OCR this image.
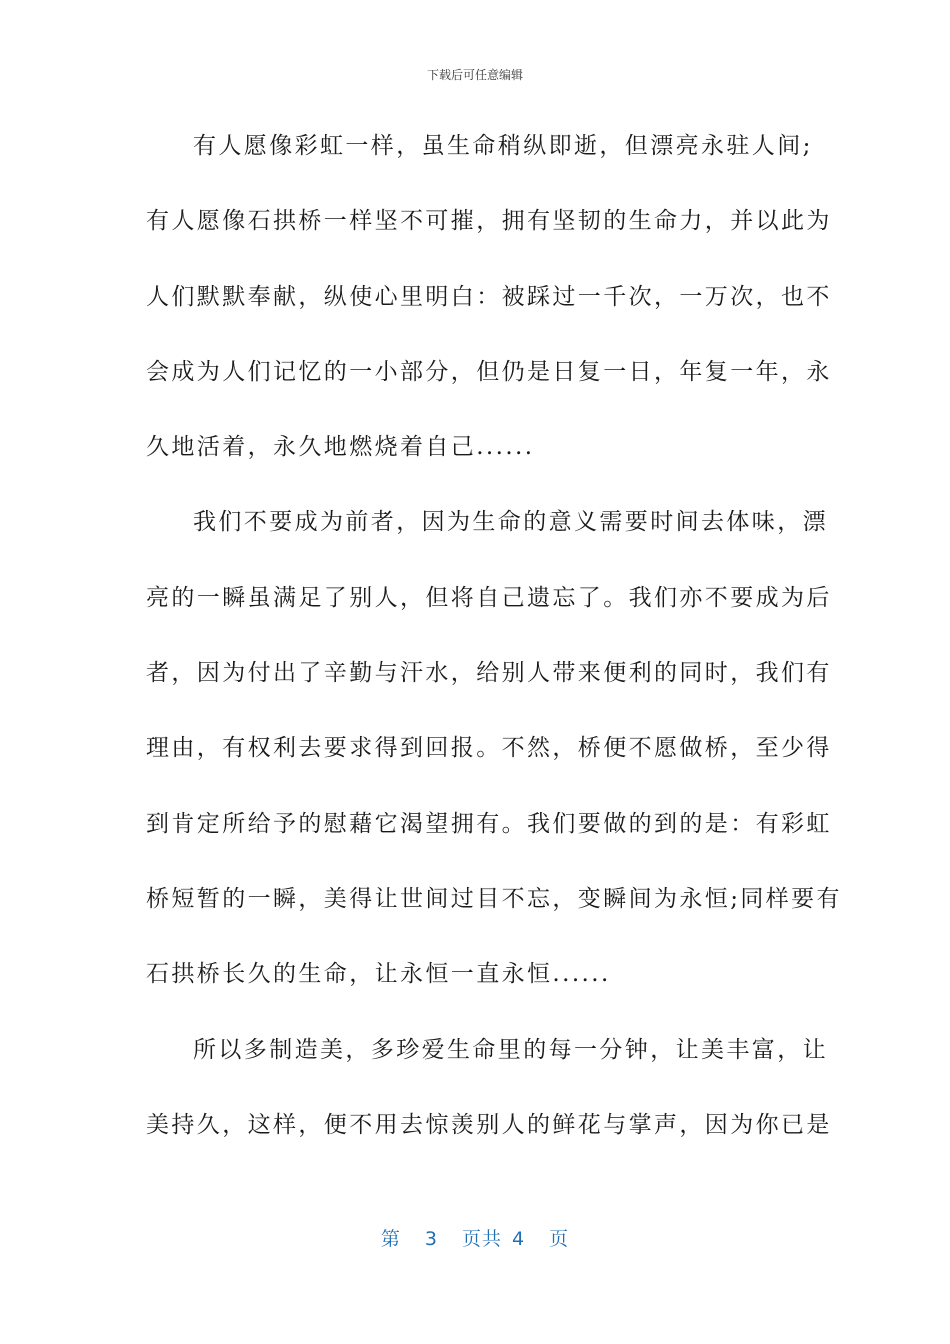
下载后可任意编辑
有人愿像彩虹一样，虽生命稍纵即逝，但漂亮永驻人间;
有人愿像石拱桥一样坚不可摧，拥有坚韧的生命力，并以此为
人们默默奉献，纵使心里明白：被踩过一千次，一万次，也不
会成为人们记忆的一小部分，但仍是日复一日，年复一年，永
久地活着，永久地燃烧着自己......
我们不要成为前者，因为生命的意义需要时间去体味，漂
亮的一瞬虽满足了别人，但将自己遗忘了。我们亦不要成为后
者，因为付出了辛勤与汗水，给别人带来便利的同时，我们有
理由，有权利去要求得到回报。不然，桥便不愿做桥，至少得
到肯定所给予的慰藉它渴望拥有。我们要做的到的是：有彩虹
桥短暂的一瞬，美得让世间过目不忘，变瞬间为永恒;同样要有
石拱桥长久的生命，让永恒一直永恒......
所以多制造美，多珍爱生命里的每一分钟，让美丰富，让
美持久，这样，便不用去惊羡别人的鲜花与掌声，因为你已是
第 3 页共 4 页
